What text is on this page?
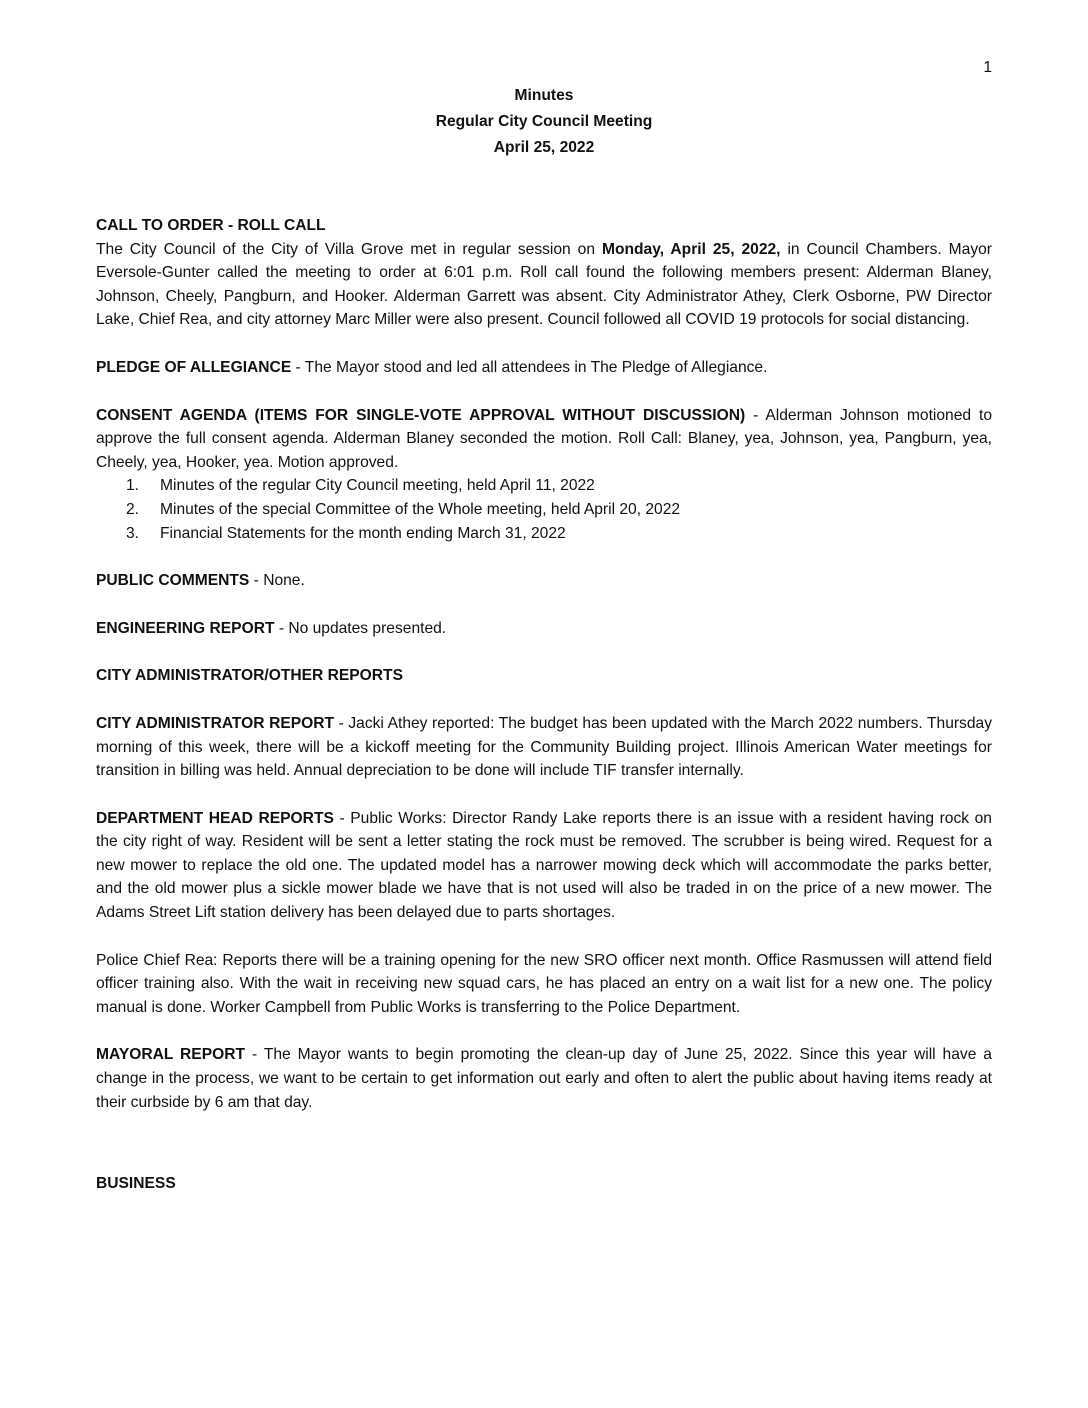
1
Minutes
Regular City Council Meeting
April 25, 2022
CALL TO ORDER - ROLL CALL

The City Council of the City of Villa Grove met in regular session on Monday, April 25, 2022, in Council Chambers. Mayor Eversole-Gunter called the meeting to order at 6:01 p.m. Roll call found the following members present: Alderman Blaney, Johnson, Cheely, Pangburn, and Hooker. Alderman Garrett was absent. City Administrator Athey, Clerk Osborne, PW Director Lake, Chief Rea, and city attorney Marc Miller were also present. Council followed all COVID 19 protocols for social distancing.

PLEDGE OF ALLEGIANCE - The Mayor stood and led all attendees in The Pledge of Allegiance.

CONSENT AGENDA (ITEMS FOR SINGLE-VOTE APPROVAL WITHOUT DISCUSSION) - Alderman Johnson motioned to approve the full consent agenda. Alderman Blaney seconded the motion. Roll Call: Blaney, yea, Johnson, yea, Pangburn, yea, Cheely, yea, Hooker, yea. Motion approved.

1. Minutes of the regular City Council meeting, held April 11, 2022
2. Minutes of the special Committee of the Whole meeting, held April 20, 2022
3. Financial Statements for the month ending March 31, 2022

PUBLIC COMMENTS - None.

ENGINEERING REPORT - No updates presented.

CITY ADMINISTRATOR/OTHER REPORTS

CITY ADMINISTRATOR REPORT - Jacki Athey reported: The budget has been updated with the March 2022 numbers. Thursday morning of this week, there will be a kickoff meeting for the Community Building project. Illinois American Water meetings for transition in billing was held. Annual depreciation to be done will include TIF transfer internally.

DEPARTMENT HEAD REPORTS - Public Works: Director Randy Lake reports there is an issue with a resident having rock on the city right of way. Resident will be sent a letter stating the rock must be removed. The scrubber is being wired. Request for a new mower to replace the old one. The updated model has a narrower mowing deck which will accommodate the parks better, and the old mower plus a sickle mower blade we have that is not used will also be traded in on the price of a new mower. The Adams Street Lift station delivery has been delayed due to parts shortages.

Police Chief Rea: Reports there will be a training opening for the new SRO officer next month. Office Rasmussen will attend field officer training also. With the wait in receiving new squad cars, he has placed an entry on a wait list for a new one. The policy manual is done. Worker Campbell from Public Works is transferring to the Police Department.

MAYORAL REPORT - The Mayor wants to begin promoting the clean-up day of June 25, 2022. Since this year will have a change in the process, we want to be certain to get information out early and often to alert the public about having items ready at their curbside by 6 am that day.

BUSINESS
